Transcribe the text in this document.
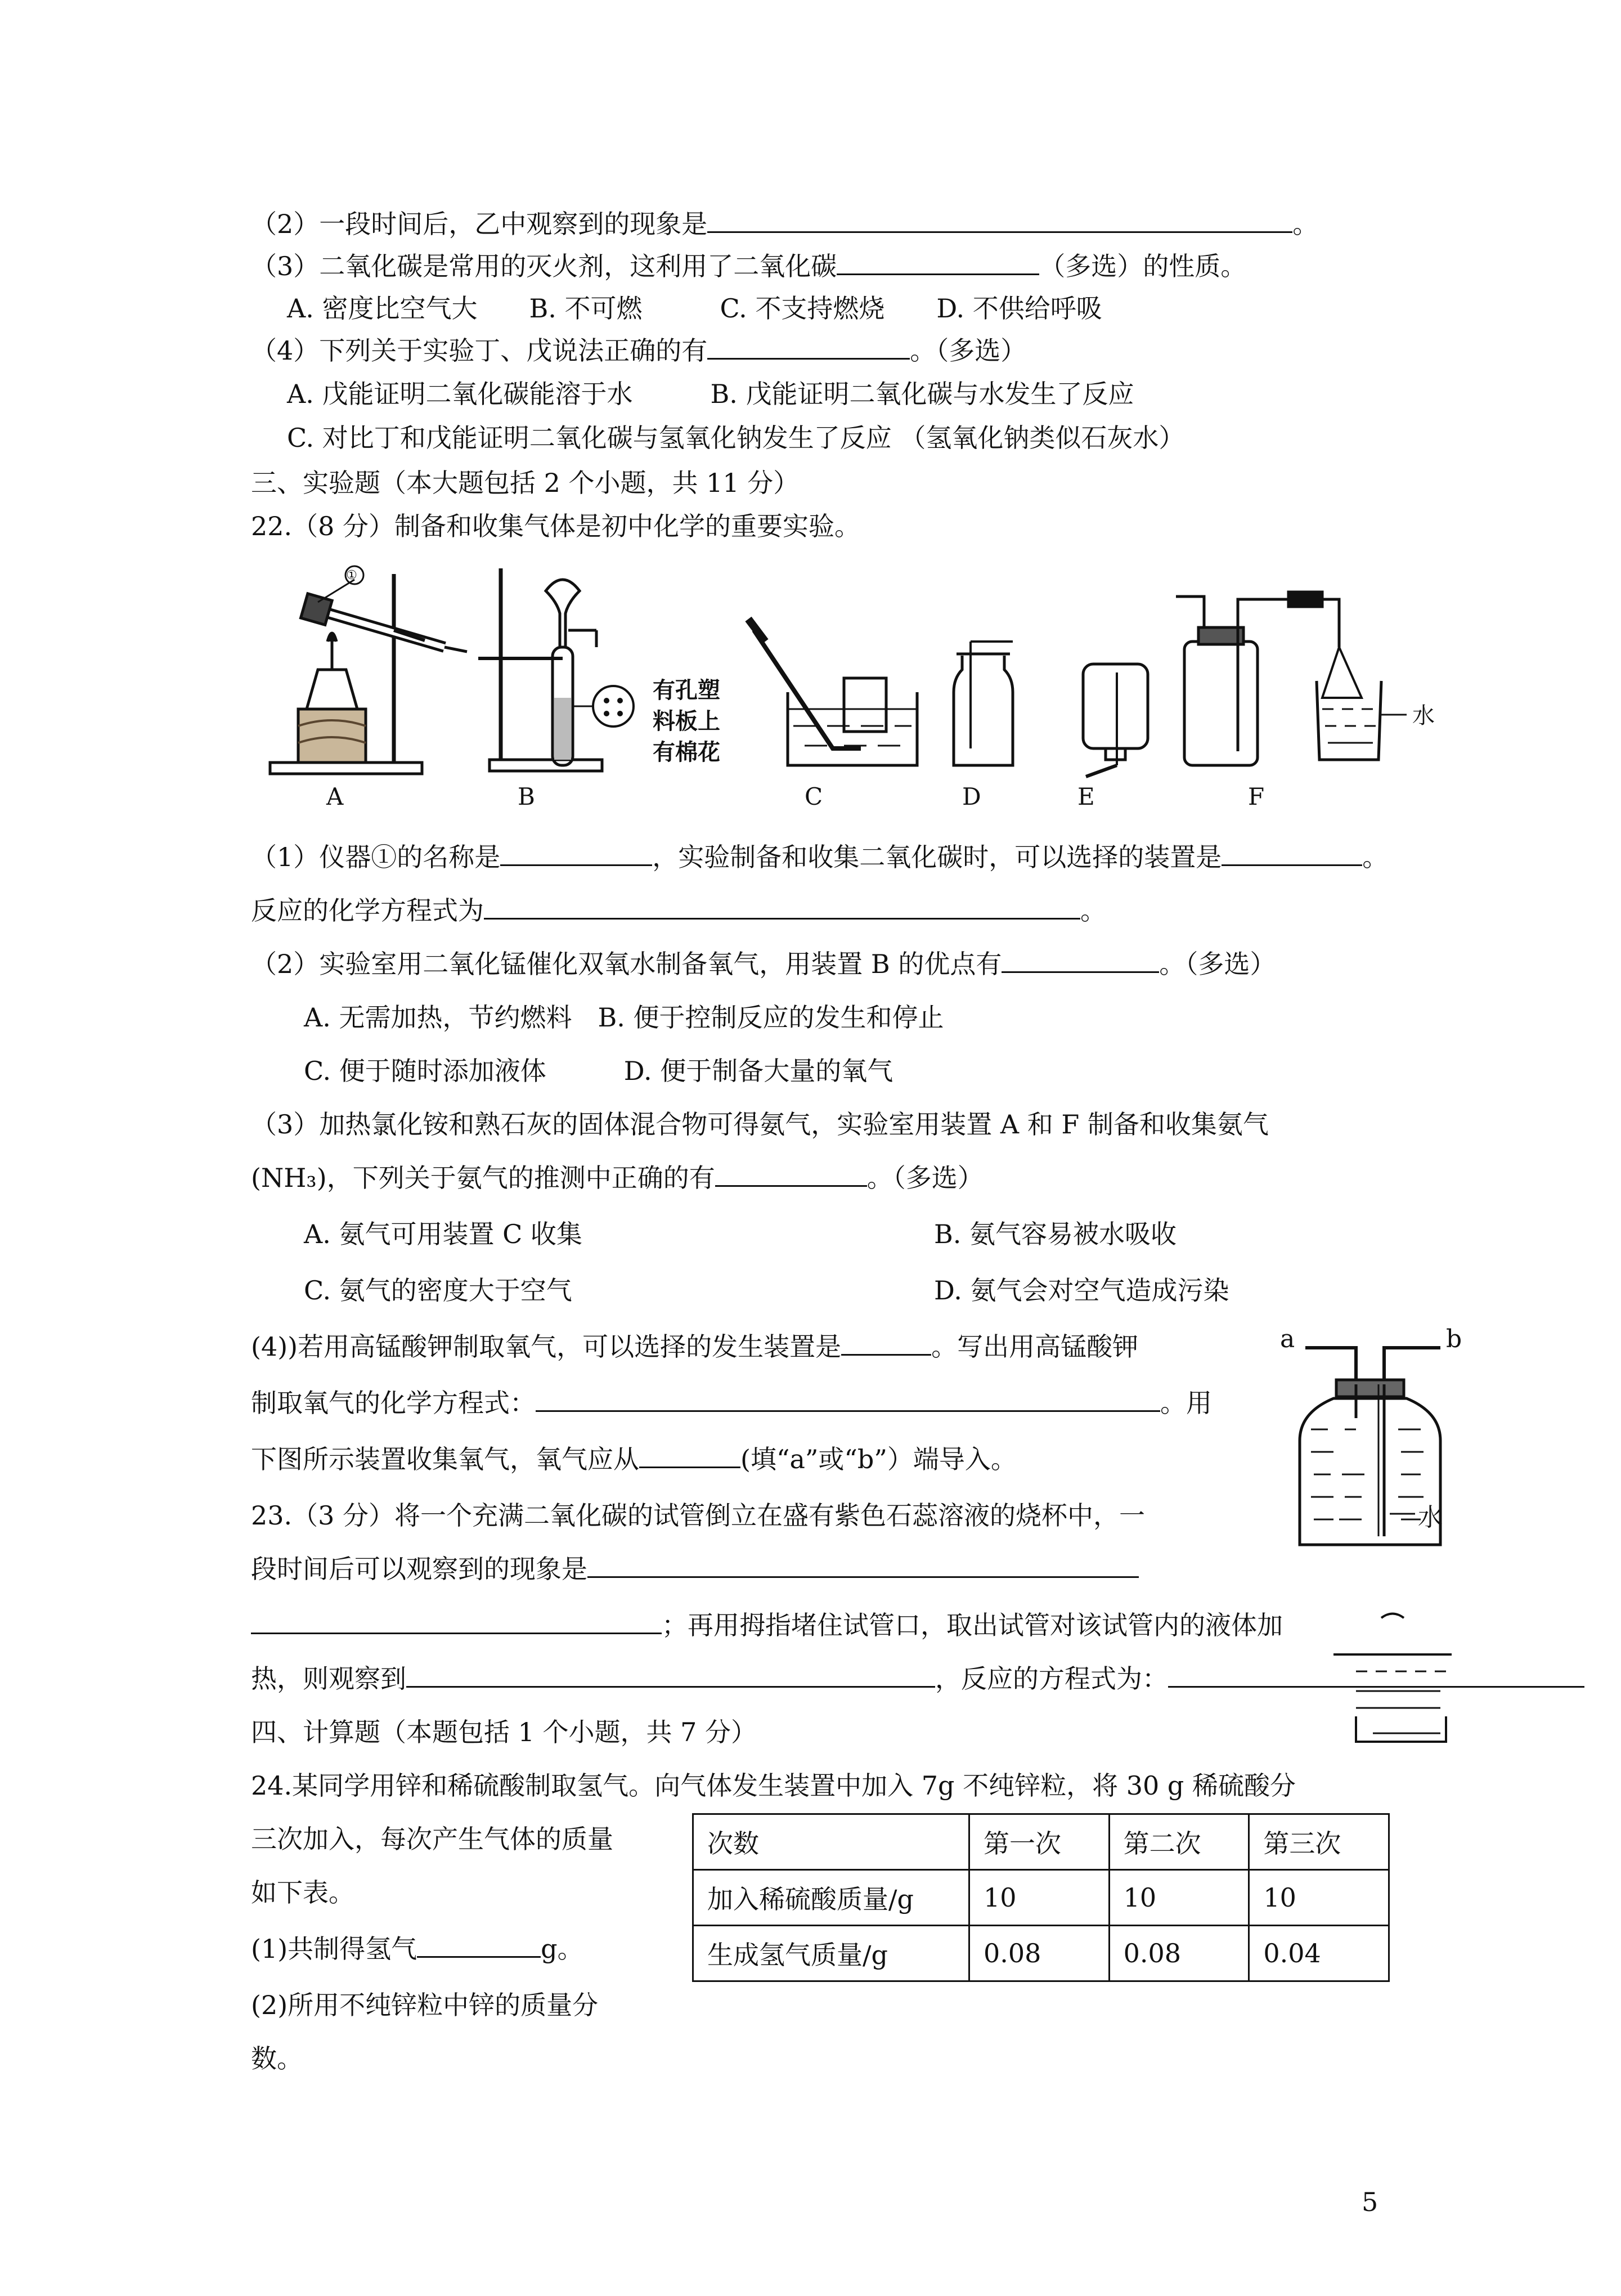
（2）一段时间后，乙中观察到的现象是	。
（3）二氧化碳是常用的灭火剂，这利用了二氧化碳	（多选）的性质。
A. 密度比空气大　　B. 不可燃　　　C. 不支持燃烧　　D. 不供给呼吸
（4）下列关于实验丁、戊说法正确的有	。（多选）
A. 戊能证明二氧化碳能溶于水　　　B. 戊能证明二氧化碳与水发生了反应
C. 对比丁和戊能证明二氧化碳与氢氧化钠发生了反应 （氢氧化钠类似石灰水）
三、实验题（本大题包括 2 个小题，共 11 分）
22.（8 分）制备和收集气体是初中化学的重要实验。
①
有孔塑
料板上
有棉花
水
A	B	C	D	E	F
（1）仪器①的名称是	，实验制备和收集二氧化碳时，可以选择的装置是	。
反应的化学方程式为	。
（2）实验室用二氧化锰催化双氧水制备氧气，用装置 B 的优点有	。（多选）
A. 无需加热，节约燃料　B. 便于控制反应的发生和停止
C. 便于随时添加液体　　　D. 便于制备大量的氧气
（3）加热氯化铵和熟石灰的固体混合物可得氨气，实验室用装置 A 和 F 制备和收集氨气
(NH₃)，下列关于氨气的推测中正确的有	。（多选）
A. 氨气可用装置 C 收集	B. 氨气容易被水吸收
C. 氨气的密度大于空气	D. 氨气会对空气造成污染
(4))若用高锰酸钾制取氧气，可以选择的发生装置是	。写出用高锰酸钾
制取氧气的化学方程式：	。用
下图所示装置收集氧气，氧气应从	(填“a”或“b”）端导入。
a	b
水
23.（3 分）将一个充满二氧化碳的试管倒立在盛有紫色石蕊溶液的烧杯中，一
段时间后可以观察到的现象是
；再用拇指堵住试管口，取出试管对该试管内的液体加
热，则观察到	，反应的方程式为：
四、计算题（本题包括 1 个小题，共 7 分）
24.某同学用锌和稀硫酸制取氢气。向气体发生装置中加入 7g 不纯锌粒，将 30 g 稀硫酸分
三次加入，每次产生气体的质量
如下表。
(1)共制得氢气	g。
(2)所用不纯锌粒中锌的质量分
数。
次数	第一次	第二次	第三次
加入稀硫酸质量/g	10	10	10
生成氢气质量/g	0.08	0.08	0.04
5
